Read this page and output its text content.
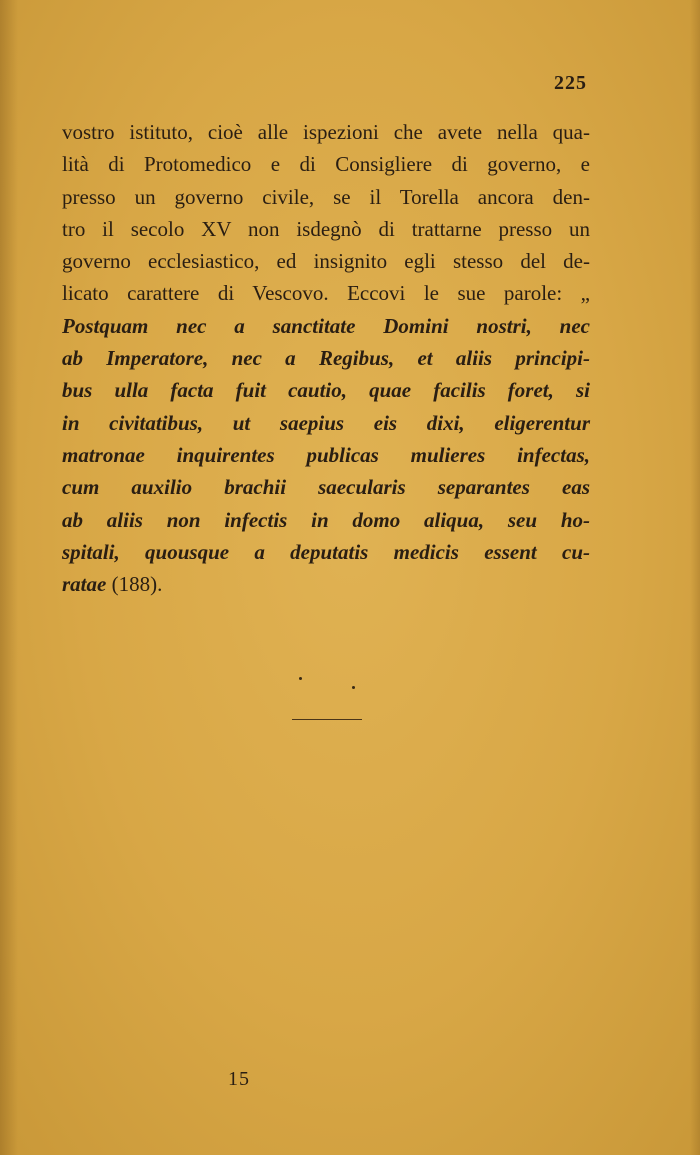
225
vostro istituto, cioè alle ispezioni che avete nella qua-
lità di Protomedico e di Consigliere di governo, e
presso un governo civile, se il Torella ancora den-
tro il secolo XV non isdegnò di trattarne presso un
governo ecclesiastico, ed insignito egli stesso del de-
licato carattere di Vescovo. Eccovi le sue parole: „
Postquam nec a sanctitate Domini nostri, nec
ab Imperatore, nec a Regibus, et aliis principi-
bus ulla facta fuit cautio, quae facilis foret, si
in civitatibus, ut saepius eis dixi, eligerentur
matronae inquirentes publicas mulieres infectas,
cum auxilio brachii saecularis separantes eas
ab aliis non infectis in domo aliqua, seu ho-
spitali, quousque a deputatis medicis essent cu-
ratae (188).
15
